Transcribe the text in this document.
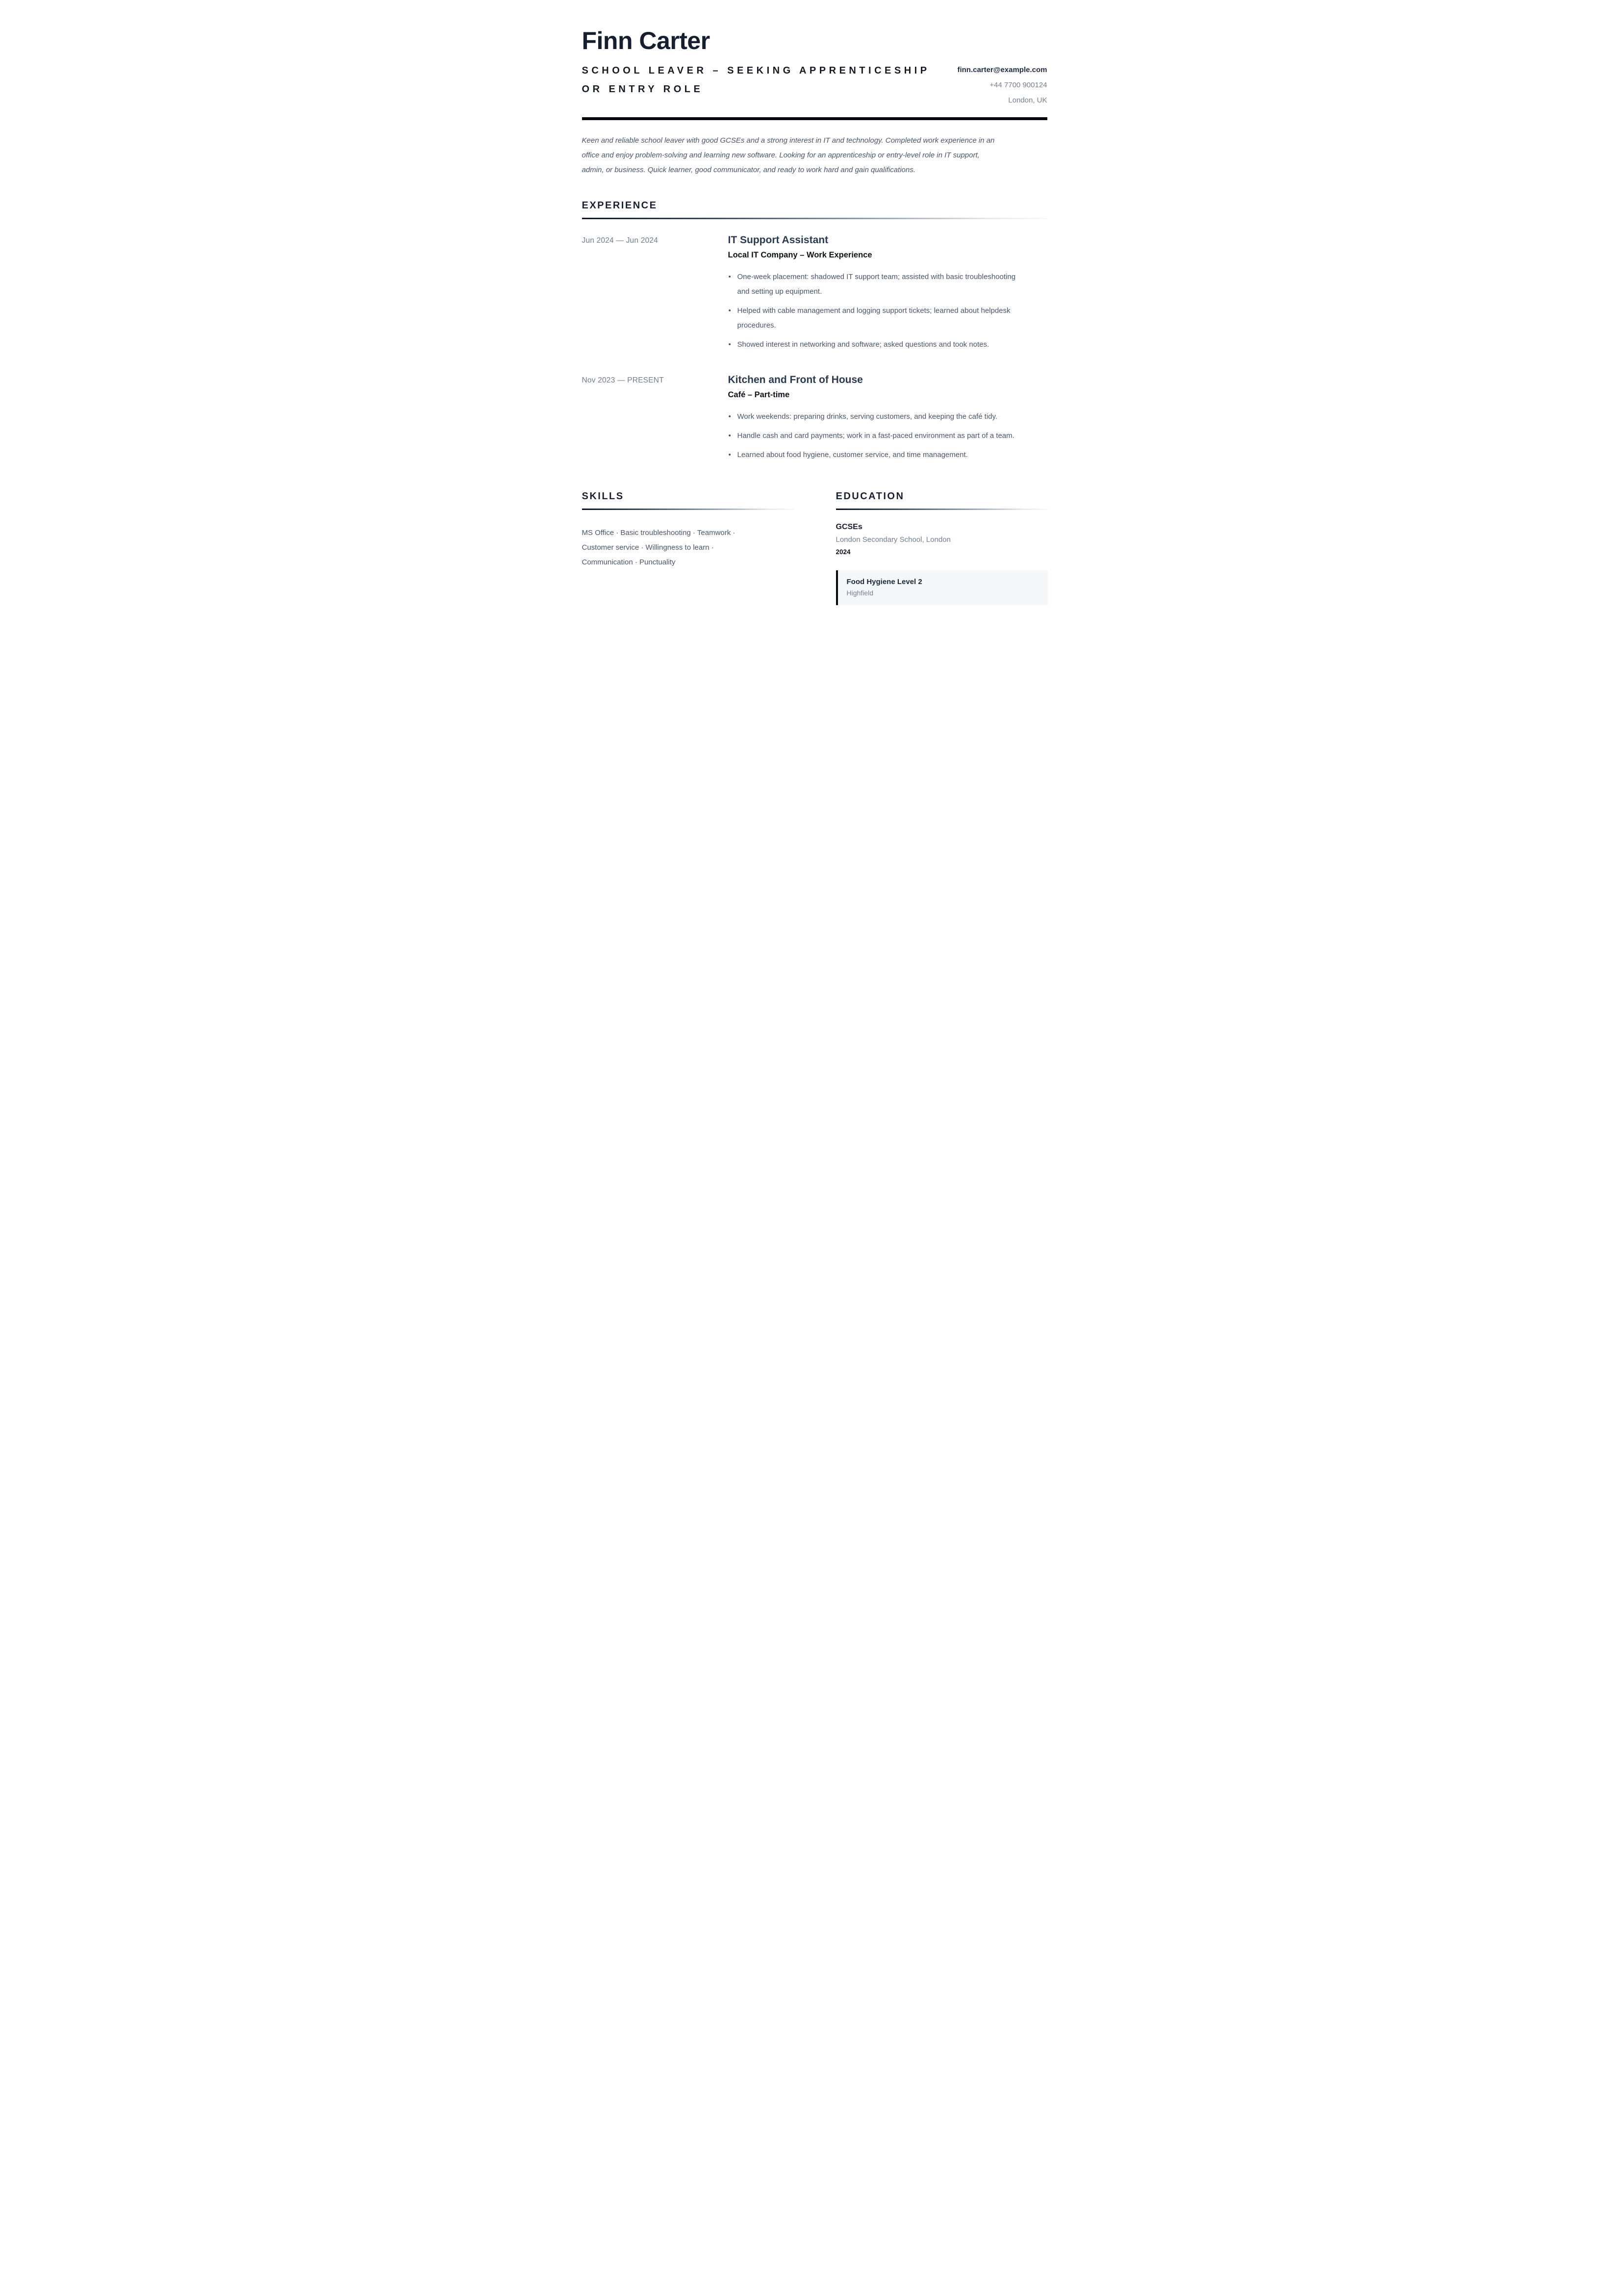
Finn Carter
SCHOOL LEAVER – SEEKING APPRENTICESHIP OR ENTRY ROLE
finn.carter@example.com
+44 7700 900124
London, UK

Keen and reliable school leaver with good GCSEs and a strong interest in IT and technology. Completed work experience in an office and enjoy problem-solving and learning new software. Looking for an apprenticeship or entry-level role in IT support, admin, or business. Quick learner, good communicator, and ready to work hard and gain qualifications.

EXPERIENCE
Jun 2024 — Jun 2024	IT Support Assistant
Local IT Company – Work Experience
• One-week placement: shadowed IT support team; assisted with basic troubleshooting and setting up equipment.
• Helped with cable management and logging support tickets; learned about helpdesk procedures.
• Showed interest in networking and software; asked questions and took notes.
Nov 2023 — PRESENT	Kitchen and Front of House
Café – Part-time
• Work weekends: preparing drinks, serving customers, and keeping the café tidy.
• Handle cash and card payments; work in a fast-paced environment as part of a team.
• Learned about food hygiene, customer service, and time management.
SKILLS

MS Office · Basic troubleshooting · Teamwork · Customer service · Willingness to learn · Communication · Punctuality

EDUCATION
GCSEs
London Secondary School, London
2024
Food Hygiene Level 2
Highfield
